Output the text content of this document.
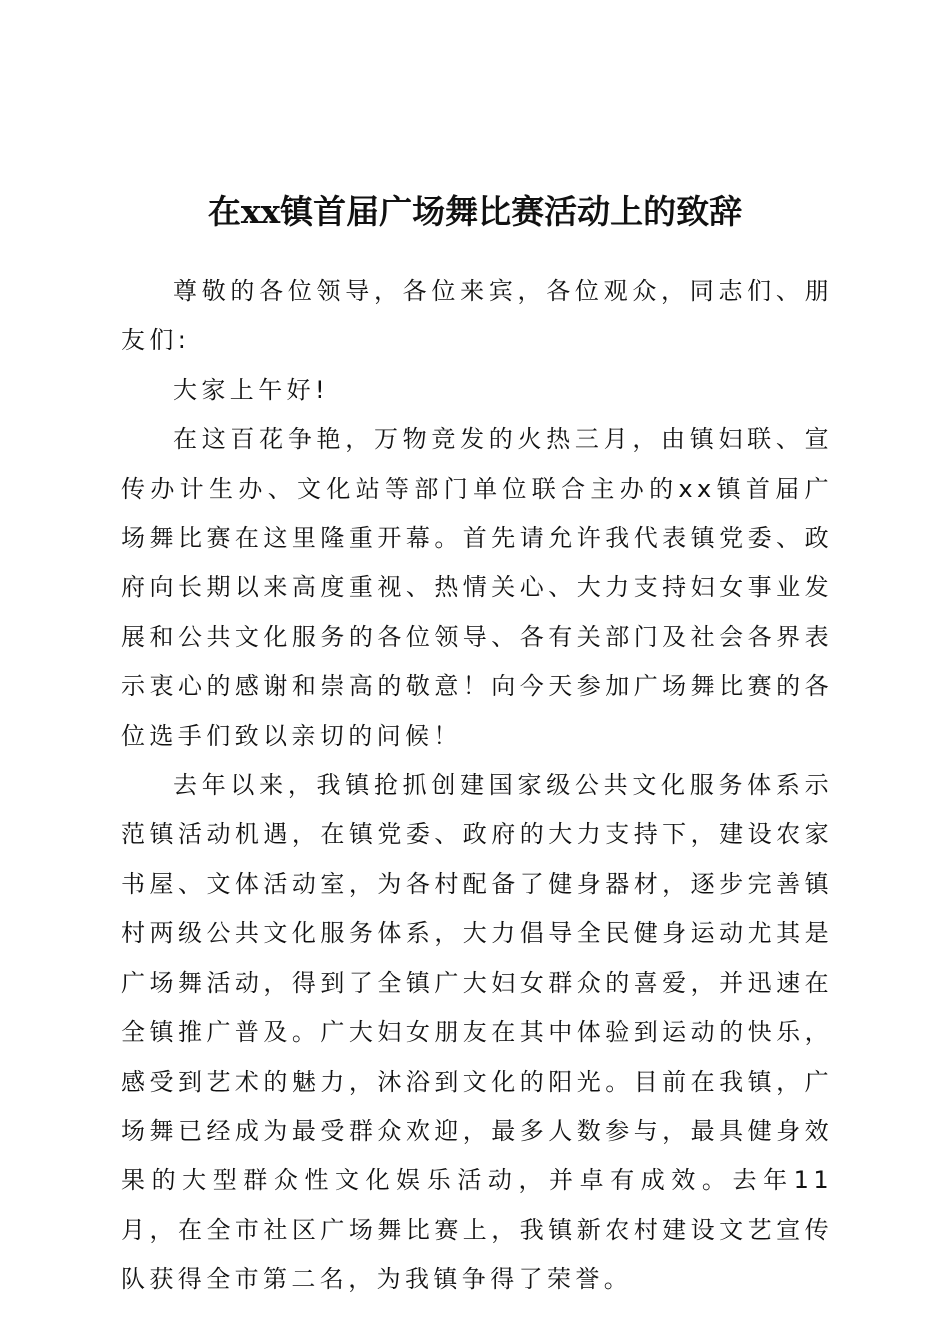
在xx镇首届广场舞比赛活动上的致辞

尊敬的各位领导，各位来宾，各位观众，同志们、朋友们:

大家上午好!

在这百花争艳，万物竞发的火热三月，由镇妇联、宣传办计生办、文化站等部门单位联合主办的xx镇首届广场舞比赛在这里隆重开幕。首先请允许我代表镇党委、政府向长期以来高度重视、热情关心、大力支持妇女事业发展和公共文化服务的各位领导、各有关部门及社会各界表示衷心的感谢和崇高的敬意！向今天参加广场舞比赛的各位选手们致以亲切的问候！

去年以来，我镇抢抓创建国家级公共文化服务体系示范镇活动机遇，在镇党委、政府的大力支持下，建设农家书屋、文体活动室，为各村配备了健身器材，逐步完善镇村两级公共文化服务体系，大力倡导全民健身运动尤其是广场舞活动，得到了全镇广大妇女群众的喜爱，并迅速在全镇推广普及。广大妇女朋友在其中体验到运动的快乐，感受到艺术的魅力，沐浴到文化的阳光。目前在我镇，广场舞已经成为最受群众欢迎，最多人数参与，最具健身效果的大型群众性文化娱乐活动，并卓有成效。去年11月，在全市社区广场舞比赛上，我镇新农村建设文艺宣传队获得全市第二名，为我镇争得了荣誉。
